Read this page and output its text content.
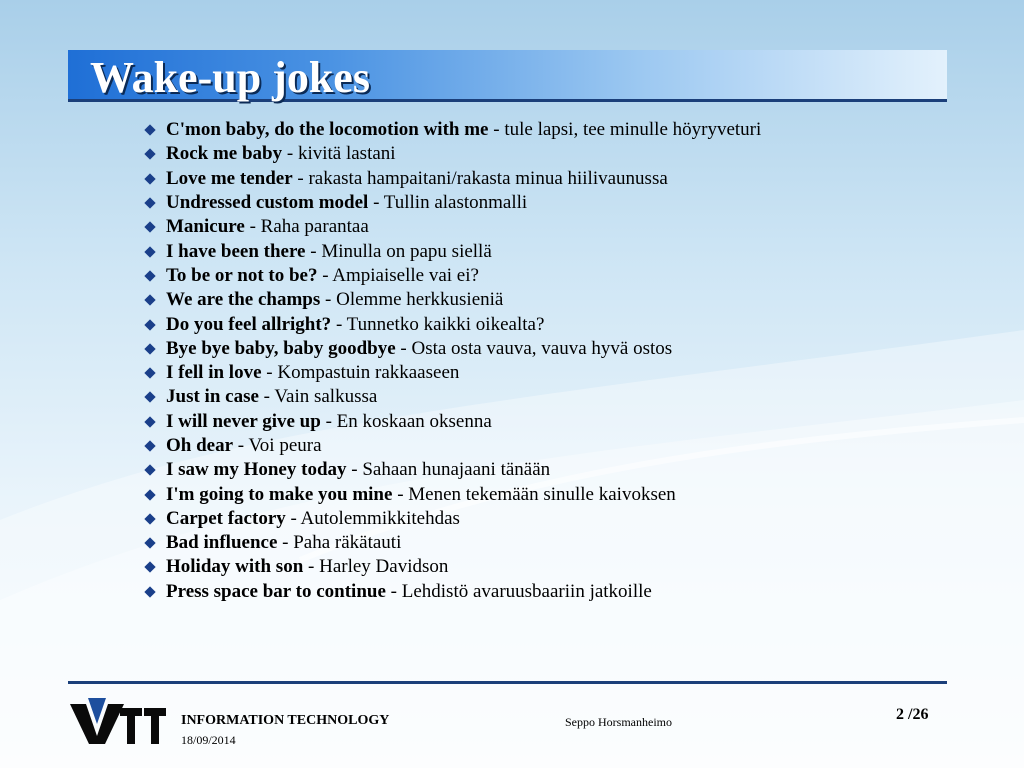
Wake-up jokes
C'mon baby, do the locomotion with me
- tule lapsi, tee minulle höyryveturi
Rock me baby
- kivitä lastani
Love me tender
- rakasta hampaitani/rakasta minua hiilivaunussa
Undressed custom model
- Tullin alastonmalli
Manicure
- Raha parantaa
I have been there
- Minulla on papu siellä
To be or not to be?
- Ampiaiselle vai ei?
We are the champs
- Olemme herkkusieniä
Do you feel allright?
- Tunnetko kaikki oikealta?
Bye bye baby, baby goodbye
- Osta osta vauva, vauva hyvä ostos
I fell in love
- Kompastuin rakkaaseen
Just in case
- Vain salkussa
I will never give up
- En koskaan oksenna
Oh dear
- Voi peura
I saw my Honey today
- Sahaan hunajaani tänään
I'm going to make you mine
- Menen tekemään sinulle kaivoksen
Carpet factory
- Autolemmikkitehdas
Bad influence
- Paha räkätauti
Holiday with son
- Harley Davidson
Press space bar to continue
- Lehdistö avaruusbaariin jatkoille
INFORMATION TECHNOLOGY
18/09/2014
Seppo Horsmanheimo	2 /26
